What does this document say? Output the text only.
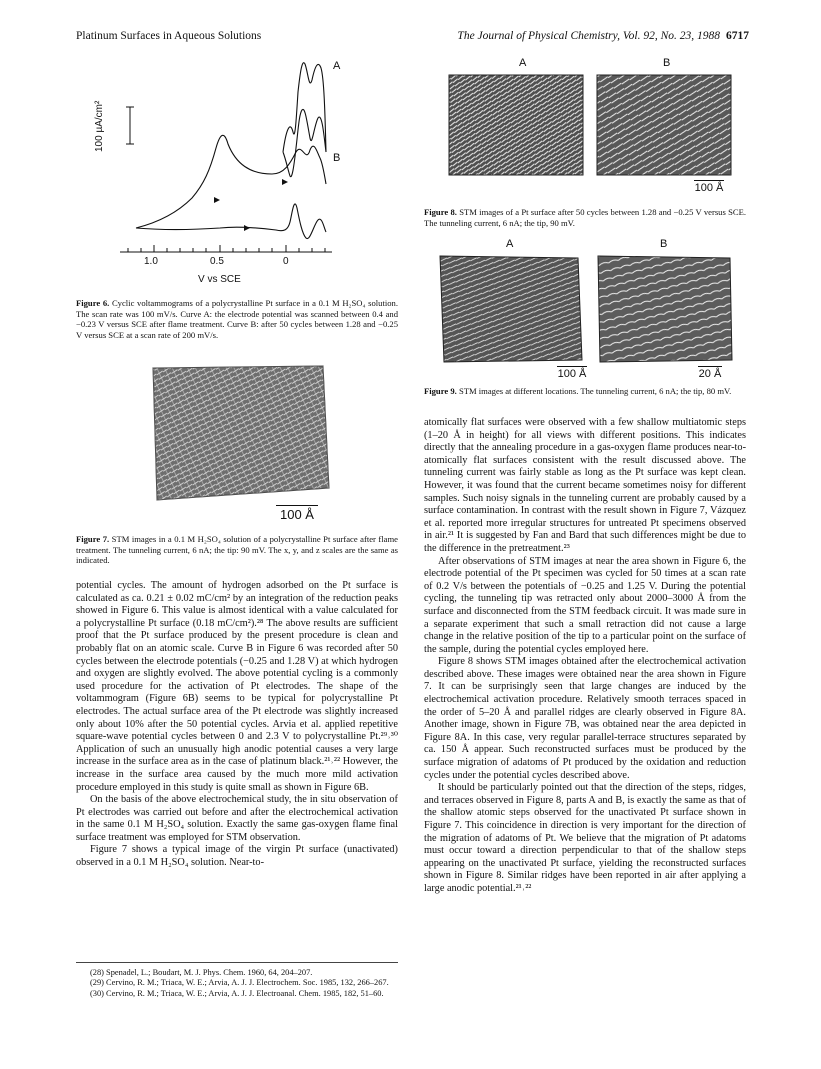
Platinum Surfaces in Aqueous Solutions	The Journal of Physical Chemistry, Vol. 92, No. 23, 1988 6717
100 µA/cm²
A
B
1.0	0.5	0
V vs SCE
Figure 6. Cyclic voltammograms of a polycrystalline Pt surface in a 0.1 M H₂SO₄ solution. The scan rate was 100 mV/s. Curve A: the electrode potential was scanned between 0.4 and −0.23 V versus SCE after flame treatment. Curve B: after 50 cycles between 1.28 and −0.25 V versus SCE at a scan rate of 200 mV/s.
100 Å
Figure 7. STM images in a 0.1 M H₂SO₄ solution of a polycrystalline Pt surface after flame treatment. The tunneling current, 6 nA; the tip: 90 mV. The x, y, and z scales are the same as indicated.

potential cycles. The amount of hydrogen adsorbed on the Pt surface is calculated as ca. 0.21 ± 0.02 mC/cm² by an integration of the reduction peaks showed in Figure 6. This value is almost identical with a value calculated for a polycrystalline Pt surface (0.18 mC/cm²).²⁸ The above results are sufficient proof that the Pt surface produced by the present procedure is clean and probably flat on an atomic scale. Curve B in Figure 6 was recorded after 50 cycles between the electrode potentials (−0.25 and 1.28 V) at which hydrogen and oxygen are slightly evolved. The above potential cycling is a commonly used procedure for the activation of Pt electrodes. The shape of the voltammogram (Figure 6B) seems to be typical for polycrystalline Pt electrodes. The actual surface area of the Pt electrode was slightly increased only about 10% after the 50 potential cycles. Arvia et al. applied repetitive square-wave potential cycles between 0 and 2.3 V to polycrystalline Pt.²⁹˒³⁰ Application of such an unusually high anodic potential causes a very large increase in the surface area as in the case of platinum black.²¹˒²² However, the increase in the surface area caused by the much more mild activation procedure employed in this study is quite small as shown in Figure 6B.

On the basis of the above electrochemical study, the in situ observation of Pt electrodes was carried out before and after the electrochemical activation in the same 0.1 M H₂SO₄ solution. Exactly the same gas-oxygen flame final surface treatment was employed for STM observation.

Figure 7 shows a typical image of the virgin Pt surface (unactivated) observed in a 0.1 M H₂SO₄ solution. Near-to-

(28) Spenadel, L.; Boudart, M. J. Phys. Chem. 1960, 64, 204–207.
(29) Cervino, R. M.; Triaca, W. E.; Arvia, A. J. J. Electrochem. Soc. 1985, 132, 266–267.
(30) Cervino, R. M.; Triaca, W. E.; Arvia, A. J. J. Electroanal. Chem. 1985, 182, 51–60.
A	B
100 Å
Figure 8. STM images of a Pt surface after 50 cycles between 1.28 and −0.25 V versus SCE. The tunneling current, 6 nA; the tip, 90 mV.
A	B
100 Å	20 Å
Figure 9. STM images at different locations. The tunneling current, 6 nA; the tip, 80 mV.

atomically flat surfaces were observed with a few shallow multiatomic steps (1–20 Å in height) for all views with different positions. This indicates directly that the annealing procedure in a gas-oxygen flame produces near-to-atomically flat surfaces consistent with the result discussed above. The tunneling current was fairly stable as long as the Pt surface was kept clean. However, it was found that the current became sometimes noisy for different samples. Such noisy signals in the tunneling current are probably caused by a surface contamination. In contrast with the result shown in Figure 7, Vázquez et al. reported more irregular structures for untreated Pt specimens observed in air.²¹ It is suggested by Fan and Bard that such differences might be due to the difference in the pretreatment.²³

After observations of STM images at near the area shown in Figure 6, the electrode potential of the Pt specimen was cycled for 50 times at a scan rate of 0.2 V/s between the potentials of −0.25 and 1.25 V. During the potential cycling, the tunneling tip was retracted only about 2000–3000 Å from the surface and disconnected from the STM feedback circuit. It was made sure in a separate experiment that such a small retraction did not cause a large change in the relative position of the tip to a particular point on the surface of the sample, during the potential cycles employed here.

Figure 8 shows STM images obtained after the electrochemical activation described above. These images were obtained near the area shown in Figure 7. It can be surprisingly seen that large changes are induced by the electrochemical activation procedure. Relatively smooth terraces spaced in the order of 5–20 Å and parallel ridges are clearly observed in Figure 8A. Another image, shown in Figure 7B, was obtained near the area depicted in Figure 8A. In this case, very regular parallel-terrace structures separated by ca. 150 Å appear. Such reconstructed surfaces must be produced by the surface migration of adatoms of Pt produced by the oxidation and reduction cycles under the potential cycles described above.

It should be particularly pointed out that the direction of the steps, ridges, and terraces observed in Figure 8, parts A and B, is exactly the same as that of the shallow atomic steps observed for the unactivated Pt surface shown in Figure 7. This coincidence in direction is very important for the direction of the migration of adatoms of Pt. We believe that the migration of Pt adatoms must occur toward a direction perpendicular to that of the shallow steps appearing on the unactivated Pt surface, yielding the reconstructed surfaces shown in Figure 8. Similar ridges have been reported in air after applying a large anodic potential.²¹˒²²
